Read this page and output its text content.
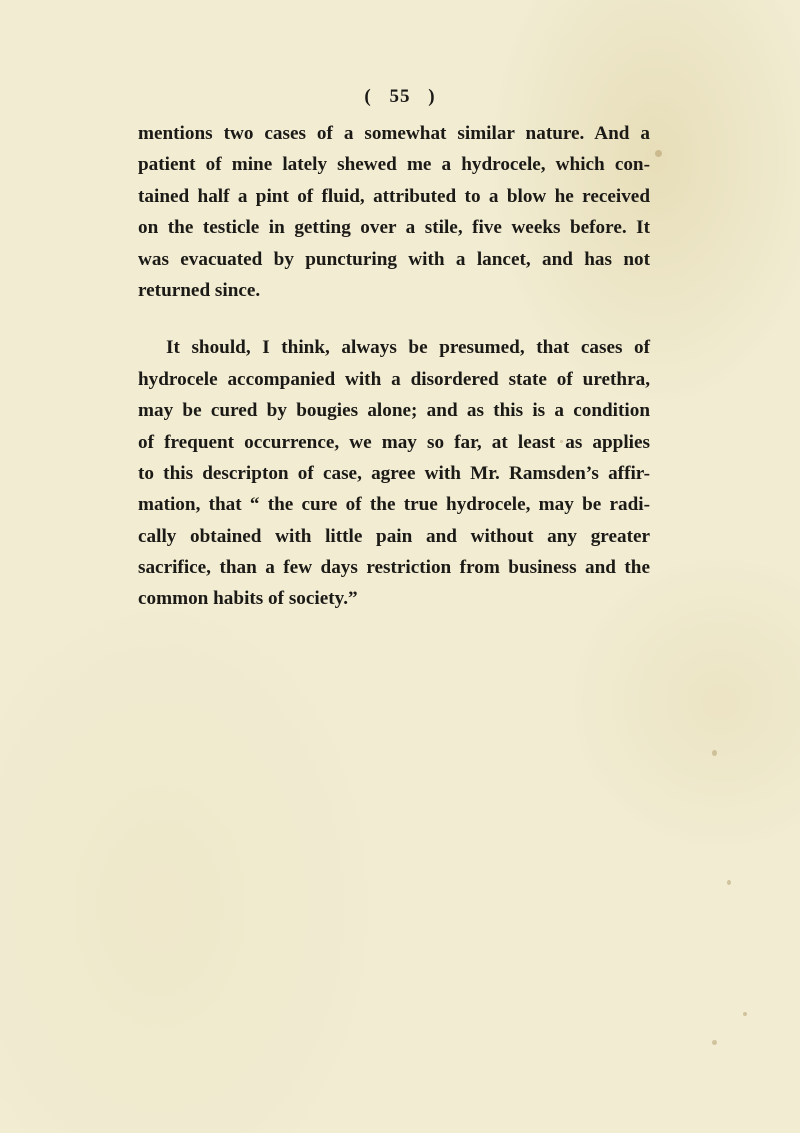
( 55 )
mentions two cases of a somewhat similar nature. And a
patient of mine lately shewed me a hydrocele, which con-
tained half a pint of fluid, attributed to a blow he received
on the testicle in getting over a stile, five weeks before. It
was evacuated by puncturing with a lancet, and has not
returned since.
It should, I think, always be presumed, that cases of
hydrocele accompanied with a disordered state of urethra,
may be cured by bougies alone; and as this is a condition
of frequent occurrence, we may so far, at least as applies
to this descripton of case, agree with Mr. Ramsden’s affir-
mation, that “ the cure of the true hydrocele, may be radi-
cally obtained with little pain and without any greater
sacrifice, than a few days restriction from business and the
common habits of society.”
